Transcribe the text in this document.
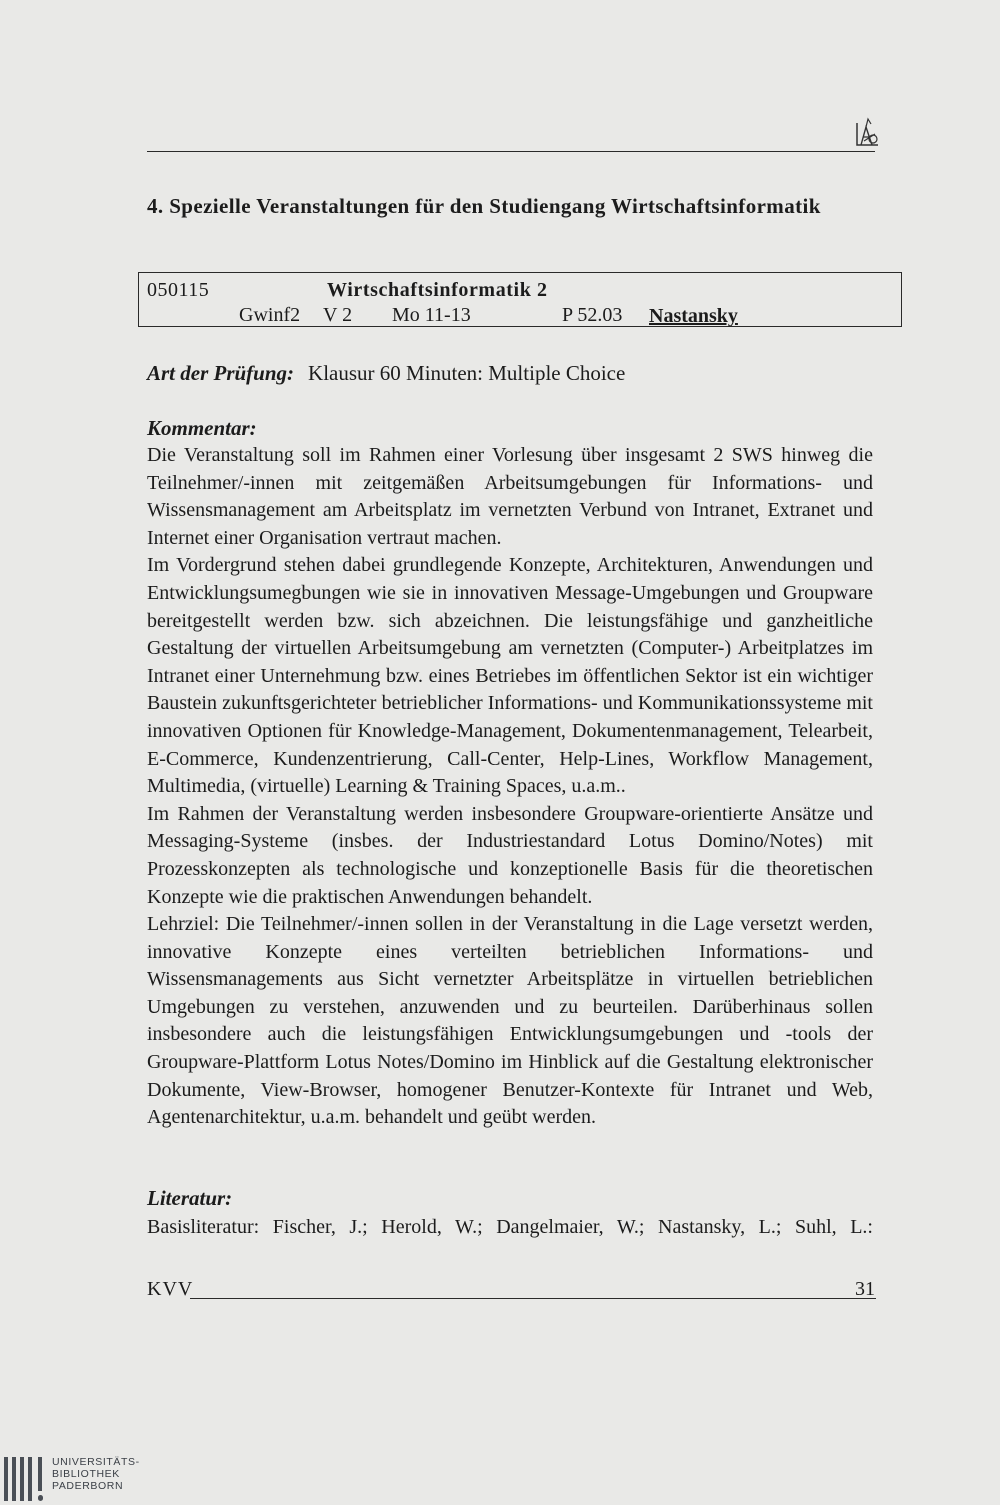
4. Spezielle Veranstaltungen für den Studiengang Wirtschaftsinformatik
050115	Wirtschaftsinformatik 2
Gwinf2 V 2 Mo 11-13	P 52.03 Nastansky
Art der Prüfung: Klausur 60 Minuten: Multiple Choice
Kommentar:

Die Veranstaltung soll im Rahmen einer Vorlesung über insgesamt 2 SWS hinweg die Teilnehmer/-innen mit zeitgemäßen Arbeitsumgebungen für Informations- und Wissensmanagement am Arbeitsplatz im vernetzten Verbund von Intranet, Extranet und Internet einer Organisation vertraut machen.

Im Vordergrund stehen dabei grundlegende Konzepte, Architekturen, Anwendungen und Entwicklungsumegbungen wie sie in innovativen Message-Umgebungen und Groupware bereitgestellt werden bzw. sich abzeichnen. Die leistungsfähige und ganzheitliche Gestaltung der virtuellen Arbeitsumgebung am vernetzten (Computer-) Arbeitplatzes im Intranet einer Unternehmung bzw. eines Betriebes im öffentlichen Sektor ist ein wichtiger Baustein zukunftsgerichteter betrieblicher Informations- und Kommunikationssysteme mit innovativen Optionen für Knowledge-Management, Dokumentenmanagement, Telearbeit, E-Commerce, Kundenzentrierung, Call-Center, Help-Lines, Workflow Management, Multimedia, (virtuelle) Learning & Training Spaces, u.a.m..

Im Rahmen der Veranstaltung werden insbesondere Groupware-orientierte Ansätze und Messaging-Systeme (insbes. der Industriestandard Lotus Domino/Notes) mit Prozesskonzepten als technologische und konzeptionelle Basis für die theoretischen Konzepte wie die praktischen Anwendungen behandelt.

Lehrziel: Die Teilnehmer/-innen sollen in der Veranstaltung in die Lage versetzt werden, innovative Konzepte eines verteilten betrieblichen Informations- und Wissensmanagements aus Sicht vernetzter Arbeitsplätze in virtuellen betrieblichen Umgebungen zu verstehen, anzuwenden und zu beurteilen. Darüberhinaus sollen insbesondere auch die leistungsfähigen Entwicklungsumgebungen und -tools der Groupware-Plattform Lotus Notes/Domino im Hinblick auf die Gestaltung elektronischer Dokumente, View-Browser, homogener Benutzer-Kontexte für Intranet und Web, Agentenarchitektur, u.a.m. behandelt und geübt werden.

Literatur:
Basisliteratur: Fischer, J.; Herold, W.; Dangelmaier, W.; Nastansky, L.; Suhl, L.:
KVV	31
UNIVERSITÄTS-
BIBLIOTHEK
PADERBORN
